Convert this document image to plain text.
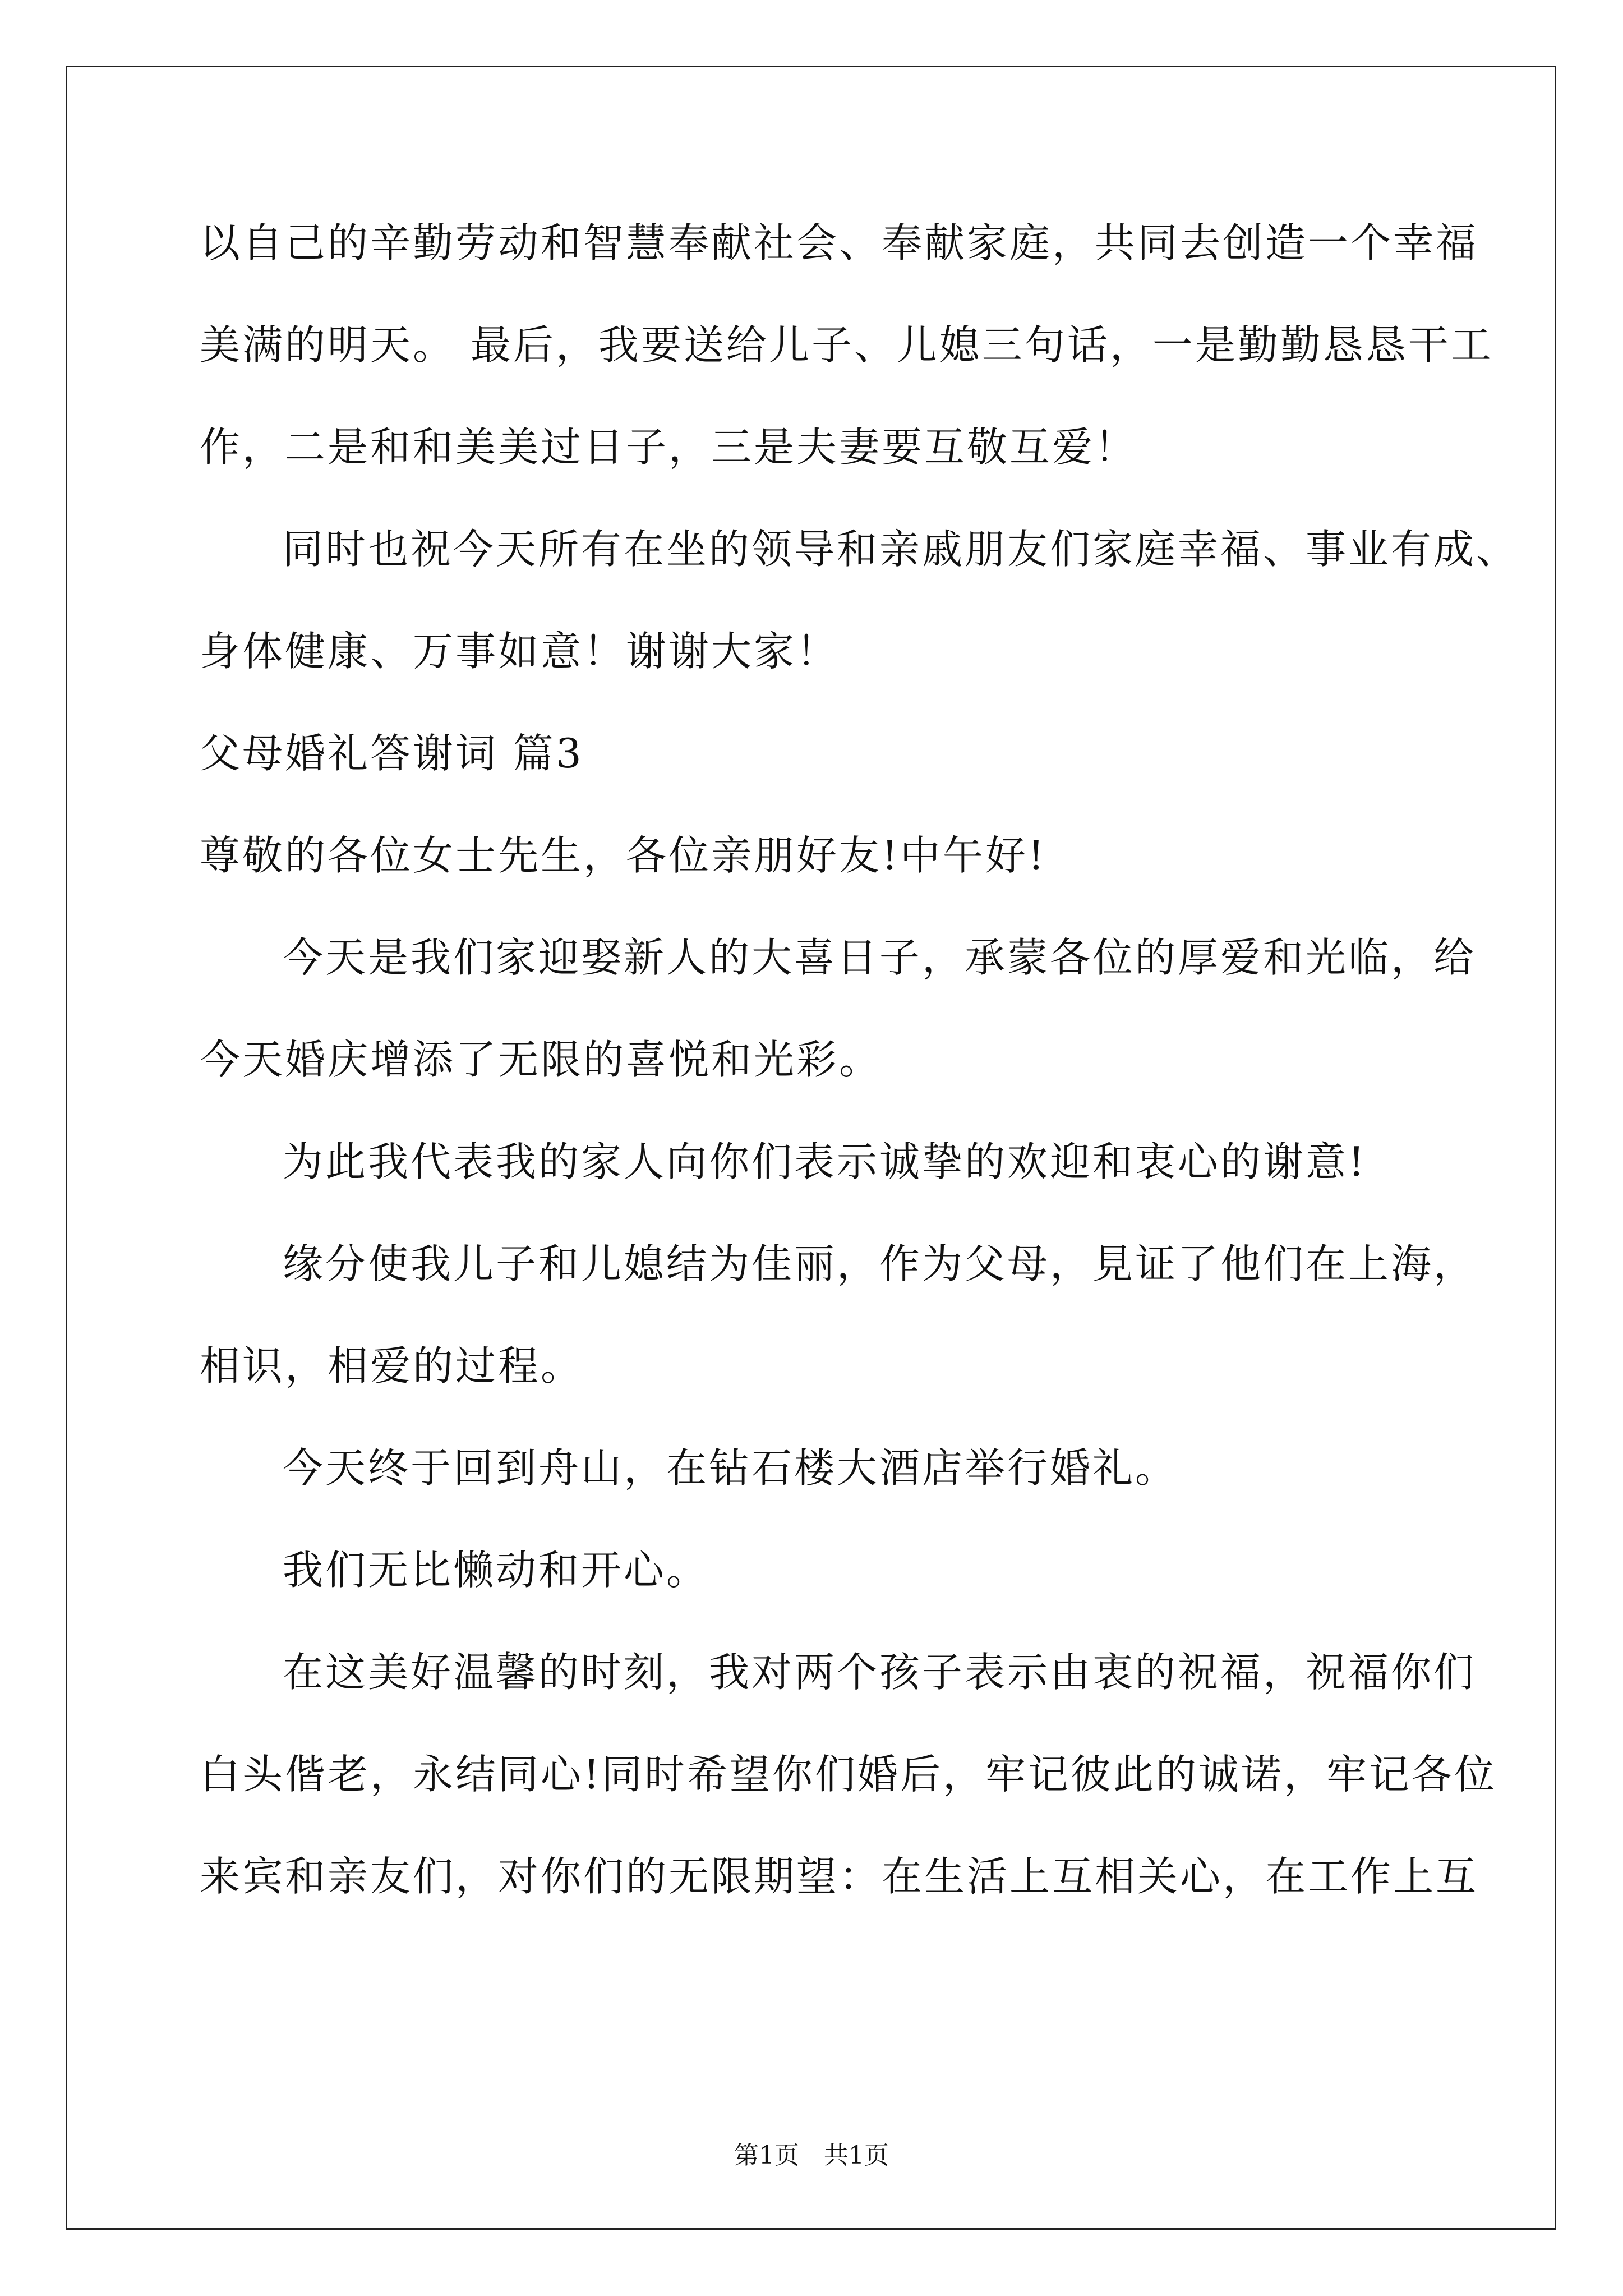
以自己的辛勤劳动和智慧奉献社会、奉献家庭，共同去创造一个幸福
美满的明天。 最后，我要送给儿子、儿媳三句话，一是勤勤恳恳干工
作，二是和和美美过日子，三是夫妻要互敬互爱！
同时也祝今天所有在坐的领导和亲戚朋友们家庭幸福、事业有成、
身体健康、万事如意！谢谢大家！
父母婚礼答谢词 篇3
尊敬的各位女士先生，各位亲朋好友!中午好!
今天是我们家迎娶新人的大喜日子，承蒙各位的厚爱和光临，给
今天婚庆增添了无限的喜悦和光彩。
为此我代表我的家人向你们表示诚挚的欢迎和衷心的谢意!
缘分使我儿子和儿媳结为佳丽，作为父母，見证了他们在上海，
相识，相爱的过程。
今天终于回到舟山，在钻石楼大酒店举行婚礼。
我们无比懒动和开心。
在这美好温馨的时刻，我对两个孩子表示由衷的祝福，祝福你们
白头偕老，永结同心!同时希望你们婚后，牢记彼此的诚诺，牢记各位
来宾和亲友们，对你们的无限期望：在生活上互相关心，在工作上互
第1页　共1页
